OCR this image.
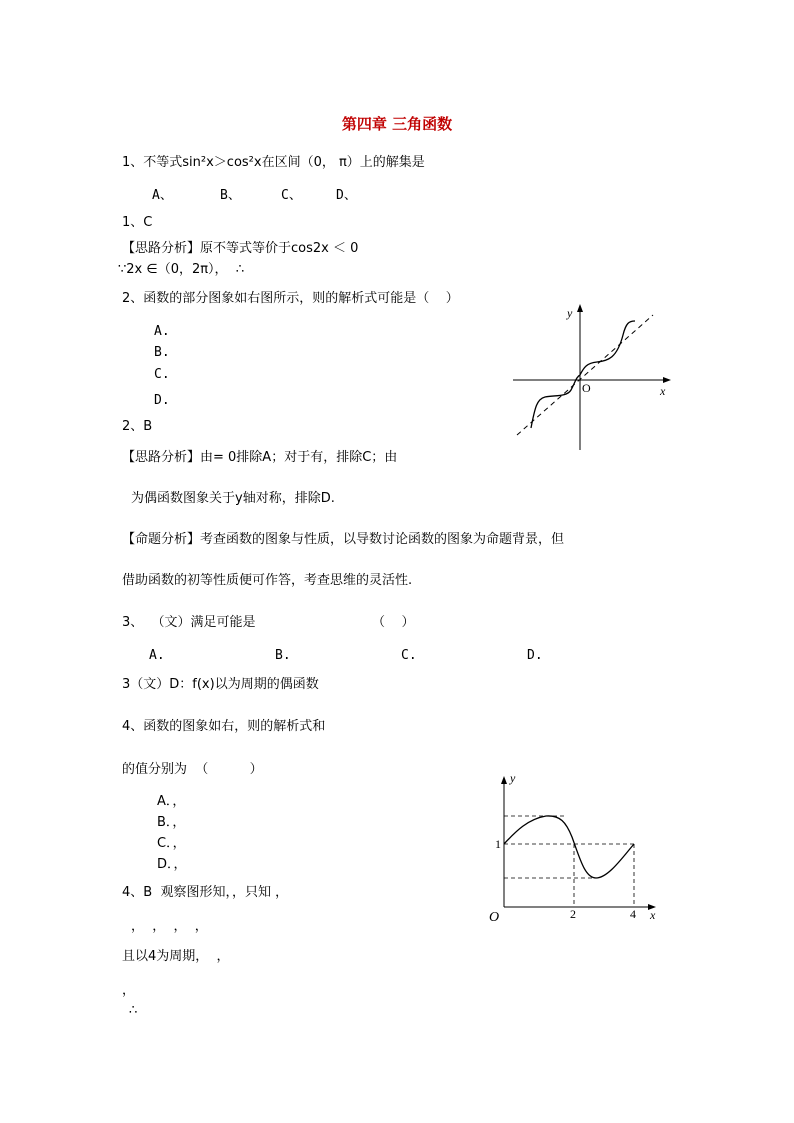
第四章 三角函数
1、不等式sin²x＞cos²x在区间（0， π）上的解集是
A、	B、	C、	D、
1、C
【思路分析】原不等式等价于cos2x ＜ 0
∵2x ∈（0，2π），  ∴
2、函数的部分图象如右图所示，则的解析式可能是（    ）
A.
B.
C.
D.
2、B
【思路分析】由= 0排除A；对于有，排除C；由
为偶函数图象关于y轴对称，排除D.
【命题分析】考查函数的图象与性质，以导数讨论函数的图象为命题背景，但
借助函数的初等性质便可作答，考查思维的灵活性.
y
x
O
3、  （文）满足可能是	（    ）
A.	B.	C.	D.
3（文）D：f(x)以为周期的偶函数
4、函数的图象如右，则的解析式和
的值分别为  （          ）
A．，
B．，
C．，
D．，
4、B  观察图形知，，只知 ，
，  ，  ，  ，
且以4为周期，  ，
，
∴
y
x
O
1
2	4
